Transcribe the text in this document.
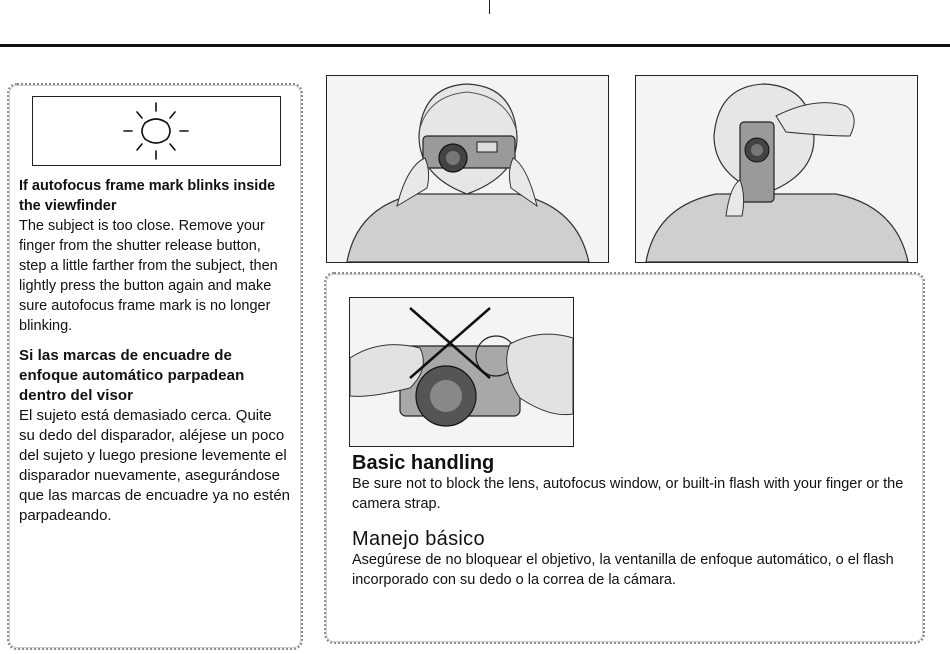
If autofocus frame mark blinks inside the viewfinder
The subject is too close. Remove your finger from the shutter release button, step a little farther from the subject, then lightly press the button again and make sure autofocus frame mark is no longer blinking.
Si las marcas de encuadre de enfoque automático parpadean dentro del visor
El sujeto está demasiado cerca. Quite su dedo del disparador, aléjese un poco del sujeto y luego presione levemente el disparador nuevamente, asegurándose que las marcas de encuadre ya no estén parpadeando.
Basic handling
Be sure not to block the lens, autofocus window, or built-in flash with your finger or the camera strap.
Manejo básico
Asegúrese de no bloquear el objetivo, la ventanilla de enfoque automático, o el flash incorporado con su dedo o la correa de la cámara.
